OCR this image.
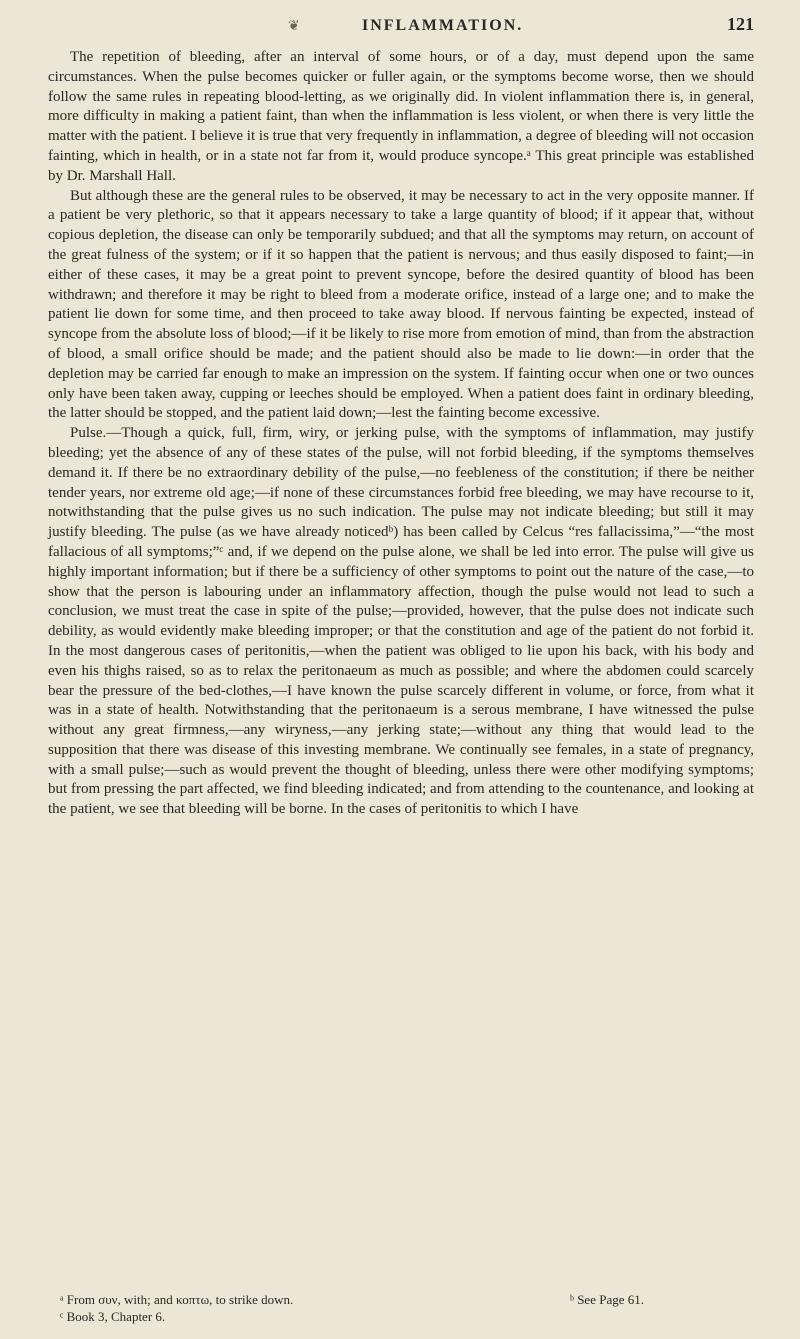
❦	INFLAMMATION.	121

The repetition of bleeding, after an interval of some hours, or of a day, must depend upon the same circumstances. When the pulse becomes quicker or fuller again, or the symptoms become worse, then we should follow the same rules in repeating blood-letting, as we originally did. In violent inflammation there is, in general, more difficulty in making a patient faint, than when the inflammation is less violent, or when there is very little the matter with the patient. I believe it is true that very frequently in inflammation, a degree of bleeding will not occasion fainting, which in health, or in a state not far from it, would produce syncope.ᵃ This great principle was established by Dr. Marshall Hall.

But although these are the general rules to be observed, it may be necessary to act in the very opposite manner. If a patient be very plethoric, so that it appears necessary to take a large quantity of blood; if it appear that, without copious depletion, the disease can only be temporarily subdued; and that all the symptoms may return, on account of the great fulness of the system; or if it so happen that the patient is nervous; and thus easily disposed to faint;—in either of these cases, it may be a great point to prevent syncope, before the desired quantity of blood has been withdrawn; and therefore it may be right to bleed from a moderate orifice, instead of a large one; and to make the patient lie down for some time, and then proceed to take away blood. If nervous fainting be expected, instead of syncope from the absolute loss of blood;—if it be likely to rise more from emotion of mind, than from the abstraction of blood, a small orifice should be made; and the patient should also be made to lie down:—in order that the depletion may be carried far enough to make an impression on the system. If fainting occur when one or two ounces only have been taken away, cupping or leeches should be employed. When a patient does faint in ordinary bleeding, the latter should be stopped, and the patient laid down;—lest the fainting become excessive.

Pulse.—Though a quick, full, firm, wiry, or jerking pulse, with the symptoms of inflammation, may justify bleeding; yet the absence of any of these states of the pulse, will not forbid bleeding, if the symptoms themselves demand it. If there be no extraordinary debility of the pulse,—no feebleness of the constitution; if there be neither tender years, nor extreme old age;—if none of these circumstances forbid free bleeding, we may have recourse to it, notwithstanding that the pulse gives us no such indication. The pulse may not indicate bleeding; but still it may justify bleeding. The pulse (as we have already noticedᵇ) has been called by Celcus “res fallacissima,”—“the most fallacious of all symptoms;”ᶜ and, if we depend on the pulse alone, we shall be led into error. The pulse will give us highly important information; but if there be a sufficiency of other symptoms to point out the nature of the case,—to show that the person is labouring under an inflammatory affection, though the pulse would not lead to such a conclusion, we must treat the case in spite of the pulse;—provided, however, that the pulse does not indicate such debility, as would evidently make bleeding improper; or that the constitution and age of the patient do not forbid it. In the most dangerous cases of peritonitis,—when the patient was obliged to lie upon his back, with his body and even his thighs raised, so as to relax the peritonaeum as much as possible; and where the abdomen could scarcely bear the pressure of the bed-clothes,—I have known the pulse scarcely different in volume, or force, from what it was in a state of health. Notwithstanding that the peritonaeum is a serous membrane, I have witnessed the pulse without any great firmness,—any wiryness,—any jerking state;—without any thing that would lead to the supposition that there was disease of this investing membrane. We continually see females, in a state of pregnancy, with a small pulse;—such as would prevent the thought of bleeding, unless there were other modifying symptoms; but from pressing the part affected, we find bleeding indicated; and from attending to the countenance, and looking at the patient, we see that bleeding will be borne. In the cases of peritonitis to which I have

ᵃ From συν, with; and κοπτω, to strike down.	ᵇ See Page 61.
ᶜ Book 3, Chapter 6.
